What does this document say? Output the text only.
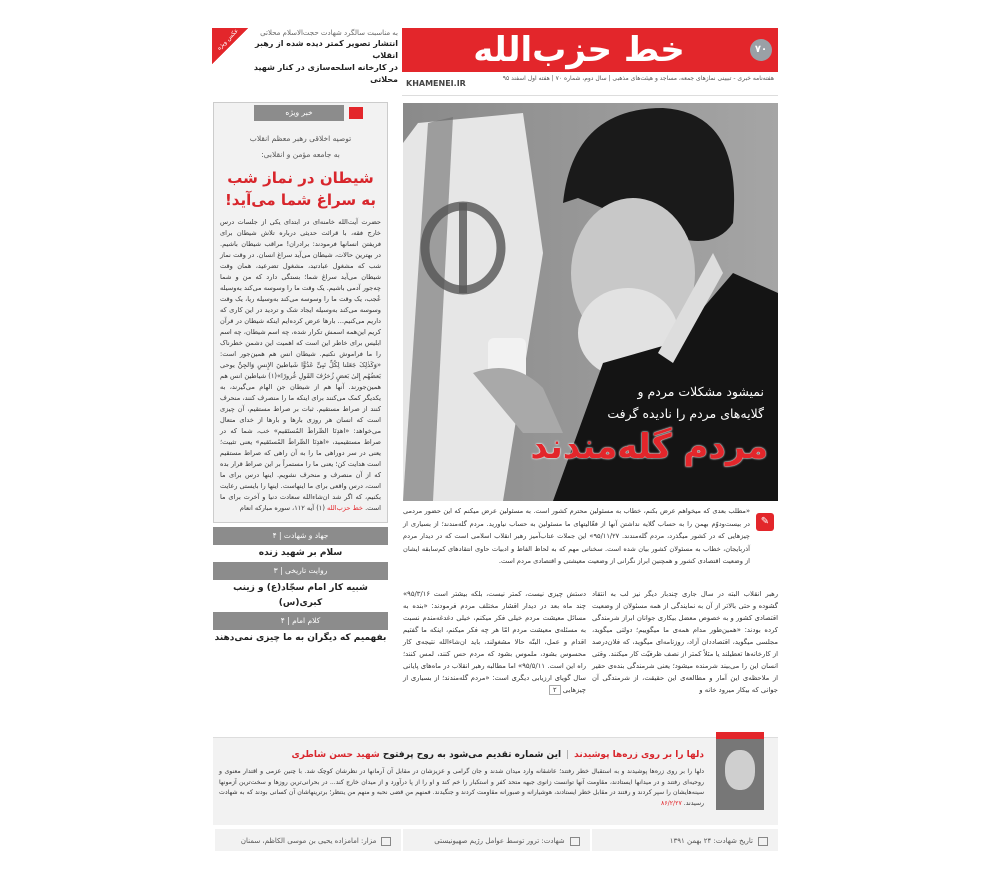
خط حزب‌الله	۷۰
KHAMENEI.IR
هفته‌نامه خبری - تبیینی نمازهای جمعه، مساجد و هیئت‌های مذهبی | سال دوم، شماره ۷۰ | هفته اول اسفند ۹۵
عکس ویژه	به مناسبت سالگرد شهادت حجت‌الاسلام محلاتی
انتشار تصویر کمتر دیده شده از رهبر انقلاب
در کارخانه اسلحه‌سازی در کنار شهید محلاتی
خبر ویژه
توصیه اخلاقی رهبر معظم انقلاب
به جامعه مؤمن و انقلابی:
شیطان در نماز شب
به سراغ شما می‌آید!
حضرت آیت‌الله خامنه‌ای در ابتدای یکی از جلسات درس خارج فقه، با قرائت حدیثی درباره تلاش شیطان برای فریفتن انسانها فرمودند: برادران! مراقب شیطان باشیم. در بهترین حالات، شیطان می‌آید سراغ انسان. در وقت نماز شب که مشغول عبادتید، مشغول تضرعید، همان وقت شیطان می‌آید سراغ شما؛ بستگی دارد که من و شما چه‌جور آدمی باشیم. یک وقت ما را وسوسه می‌کند به‌وسیله عُجب، یک وقت ما را وسوسه می‌کند به‌وسیله ریا، یک وقت وسوسه می‌کند به‌وسیله ایجاد شک و تردید در این کاری که داریم می‌کنیم... بارها عرض کرده‌ایم اینکه شیطان در قرآن کریم این‌همه اسمش تکرار شده، چه اسم شیطان، چه اسم ابلیس برای خاطر این است که اهمیت این دشمن خطرناک را ما فراموش نکنیم. شیطان انس هم همین‌جور است: «وَکَذٰلِکَ جَعَلنا لِکُلِّ نَبِیٍّ عَدُوًّا شَیاطینَ الإِنسِ وَالجِنِّ یوحی بَعضُهُم إِلیٰ بَعضٍ زُخرُفَ القَولِ غُرورًا»(۱) شیاطین انس هم همین‌جورند. آنها هم از شیطان جن الهام می‌گیرند، به یکدیگر کمک می‌کنند برای اینکه ما را منصرف کنند، منحرف کنند از صراط مستقیم. ثبات بر صراط مستقیم، آن چیزی است که انسان هر روزی بارها و بارها از خدای متعال می‌خواهد: «اهدِنَا الصِّراطَ المُستَقیم» خب، شما که در صراط مستقیمید، «اهدِنَا الصِّراطَ المُستَقیم» یعنی تثبیت؛ یعنی در سر دوراهی ما را به آن راهی که صراط مستقیم است هدایت کن؛ یعنی ما را مستمراً بر این صراط قرار بده که از آن منصرف و منحرف نشویم. اینها درس برای ما است، درس واقعی برای ما اینهاست. اینها را بایستی رعایت بکنیم، که اگر شد ان‌شاءالله سعادت دنیا و آخرت برای ما است. خط حزب‌الله (۱) آیه ۱۱۲، سوره مبارکه انعام
جهاد و شهادت | ۴
سلام بر شهید زنده
روایت تاریخی | ۳
شبیه کار امام سجّاد(ع) و زینب کبری(س)
کلام امام | ۴
بفهمیم که دیگران به ما چیزی نمی‌دهند
نمیشود مشکلات مردم و
گلایه‌های مردم را نادیده گرفت
مردم گله‌مندند
✎
«مطلب بعدی که میخواهم عرض بکنم، خطاب به مسئولین محترم کشور است. به مسئولین عرض میکنم که این حضور مردمی در بیست‌ودوّم بهمن را به حساب گلایه نداشتن آنها از فعّالیتهای ما مسئولین به حساب نیاورید. مردم گله‌مندند؛ از بسیاری از چیزهایی که در کشور میگذرد، مردم گله‌مندند. ۹۵/۱۱/۲۷» این جملات عتاب‌آمیز رهبر انقلاب اسلامی است که در دیدار مردم آذربایجان، خطاب به مسئولان کشور بیان شده است. سخنانی مهم که به لحاظ الفاظ و ادبیات حاوی انتقادهای کم‌سابقه ایشان از وضعیت اقتصادی کشور و همچنین ابراز نگرانی از وضعیت معیشتی و اقتصادی مردم است.
رهبر انقلاب البته در سال جاری چندبار دیگر نیز لب به انتقاد گشوده و حتی بالاتر از آن به نمایندگی از همه مسئولان از وضعیت اقتصادی کشور و به خصوص معضل بیکاری جوانان ابراز شرمندگی کرده بودند: «همین‌طور مدام همه‌ی ما میگوییم؛ دولتی میگوید، مجلسی میگوید، اقتصاددان آزاد، روزنامه‌ای میگوید، که فلان‌درصد از کارخانه‌ها تعطیلند یا مثلاً کمتر از نصف ظرفیّت کار میکنند. وقتی انسان این را می‌بیند شرمنده میشود؛ یعنی شرمندگی بنده‌ی حقیر از ملاحظه‌ی این آمار و مطالعه‌ی این حقیقت، از شرمندگی آن جوانی که بیکار میرود خانه و
دستش چیزی نیست، کمتر نیست، بلکه بیشتر است ۹۵/۳/۱۶» چند ماه بعد در دیدار اقشار مختلف مردم فرمودند: «بنده به مسائل معیشت مردم خیلی فکر میکنم، خیلی دغدغه‌مندم نسبت به مسئله‌ی معیشت مردم امّا هر چه فکر میکنم، اینکه ما گفتیم اقدام و عمل، البتّه حالا مشغولند، باید ان‌شاءالله نتیجه‌ی کار محسوس بشود، ملموس بشود که مردم حس کنند، لمس کنند؛ راه این است. ۹۵/۵/۱۱» اما مطالبه رهبر انقلاب در ماه‌های پایانی سال گویای ارزیابی دیگری است: «مردم گله‌مندند؛ از بسیاری از چیزهایی ۲
دلها را بر روی زره‌ها پوشیدند|این شماره تقدیم می‌شود به روح پرفتوح شهید حسن شاطری
دلها را بر روی زره‌ها پوشیدند و به استقبال خطر رفتند؛ عاشقانه وارد میدان شدند و جان گرامی و عزیزشان در مقابل آن آرمانها در نظرشان کوچک شد. با چنین عزمی و اقتدار معنوی و روحیه‌ای رفتند و در میدانها ایستادند، مقاومت آنها توانست زانوی جبهه متحد کفر و استکبار را خم کند و او را از پا درآورد و از میدان خارج کند... در بحرانی‌ترین روزها و سخت‌ترین آزمونها سینه‌هایشان را سپر کردند و رفتند در مقابل خطر ایستادند، هوشیارانه و صبورانه مقاومت کردند و جنگیدند. فمنهم من قضی نحبه و منهم من ینتظر؛ برترینهاشان آن کسانی بودند که به شهادت رسیدند. ۸۶/۲/۲۷
تاریخ شهادت: ۲۴ بهمن ۱۳۹۱
شهادت: ترور توسط عوامل رژیم صهیونیستی
مزار: امامزاده یحیی بن موسی الکاظم، سمنان
